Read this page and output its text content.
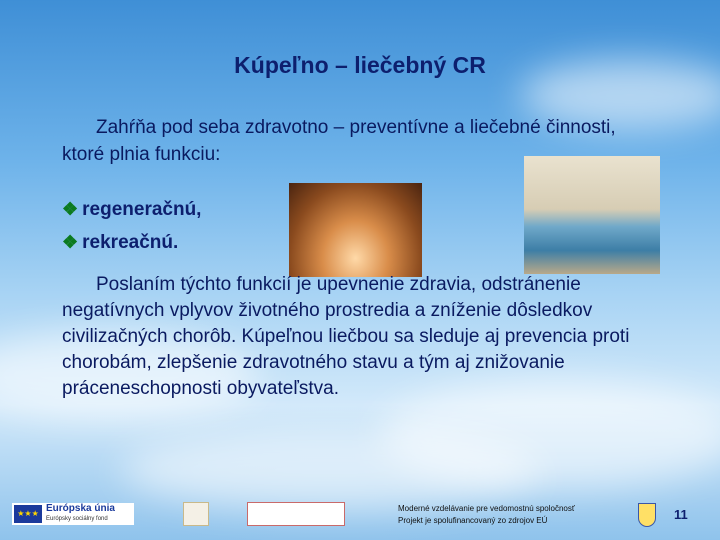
Kúpeľno – liečebný CR
Zahŕňa pod seba zdravotno – preventívne a liečebné činnosti, ktoré plnia funkciu:
❖ regeneračnú,
❖ rekreačnú.
Poslaním týchto funkcií je upevnenie zdravia, odstránenie negatívnych vplyvov životného prostredia a zníženie dôsledkov civilizačných chorôb. Kúpeľnou liečbou sa sleduje aj prevencia proti chorobám, zlepšenie zdravotného stavu a tým aj znižovanie práceneschopnosti obyvateľstva.
★★★ Európska únia
Európsky sociálny fond
Moderné vzdelávanie pre vedomostnú spoločnosť
Projekt je spolufinancovaný zo zdrojov EÚ	11
